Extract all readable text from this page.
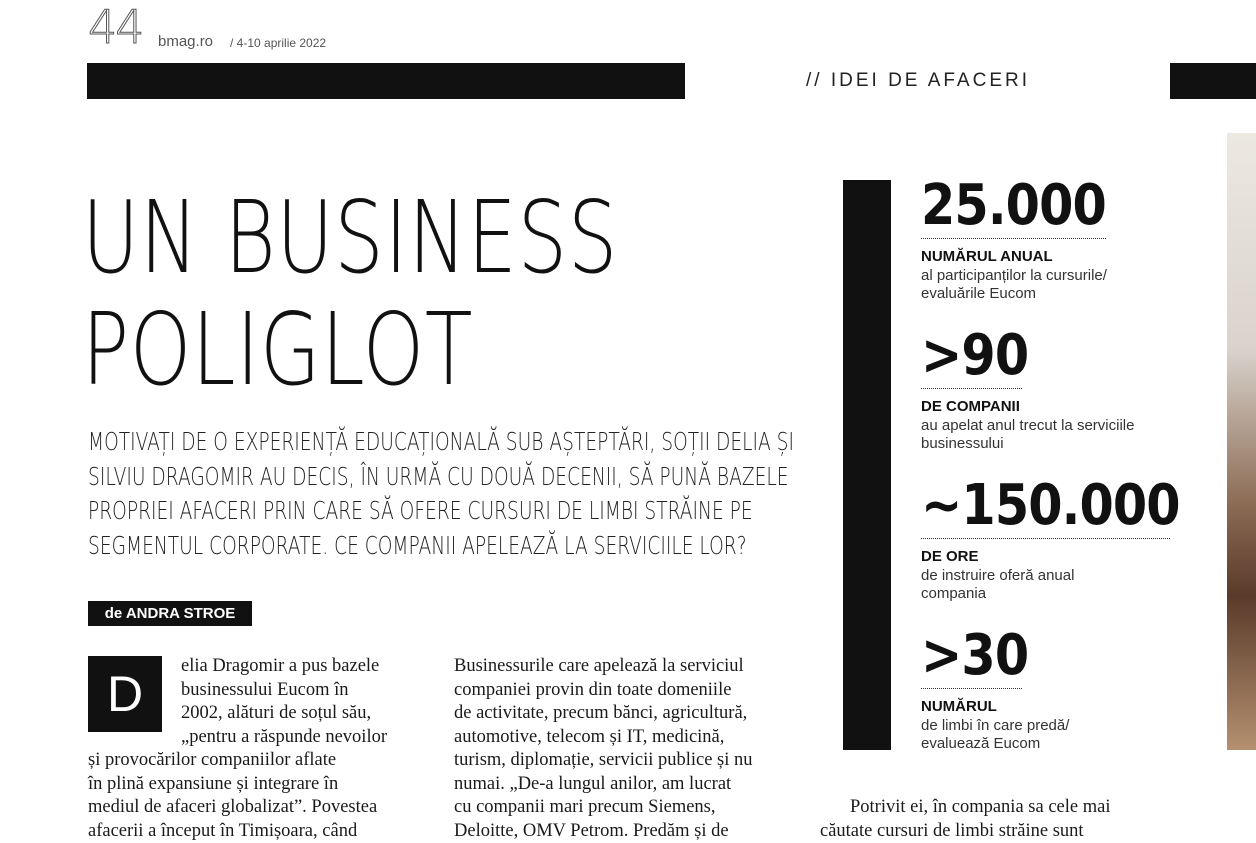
44 bmag.ro / 4-10 aprilie 2022
// IDEI DE AFACERI
UN BUSINESS
POLIGLOT
MOTIVAȚI DE O EXPERIENȚĂ EDUCAȚIONALĂ SUB AȘTEPTĂRI, SOȚII DELIA ȘI SILVIU DRAGOMIR AU DECIS, ÎN URMĂ CU DOUĂ DECENII, SĂ PUNĂ BAZELE PROPRIEI AFACERI PRIN CARE SĂ OFERE CURSURI DE LIMBI STRĂINE PE SEGMENTUL CORPORATE. CE COMPANII APELEAZĂ LA SERVICIILE LOR?
de ANDRA STROE
D	elia Dragomir a pus bazele
businessului Eucom în
2002, alături de soțul său,
„pentru a răspunde nevoilor
și provocărilor companiilor aflate
în plină expansiune și integrare în
mediul de afaceri globalizat”. Povestea
afacerii a început în Timișoara, când
Businessurile care apelează la serviciul
companiei provin din toate domeniile
de activitate, precum bănci, agricultură,
automotive, telecom și IT, medicină,
turism, diplomație, servicii publice și nu
numai. „De-a lungul anilor, am lucrat
cu companii mari precum Siemens,
Deloitte, OMV Petrom. Predăm și de
Potrivit ei, în compania sa cele mai
căutate cursuri de limbi străine sunt
25.000
NUMĂRUL ANUAL
al participanților la cursurile/
evaluările Eucom
>90
DE COMPANII
au apelat anul trecut la serviciile
businessului
~150.000
DE ORE
de instruire oferă anual
compania
>30
NUMĂRUL
de limbi în care predă/
evaluează Eucom
